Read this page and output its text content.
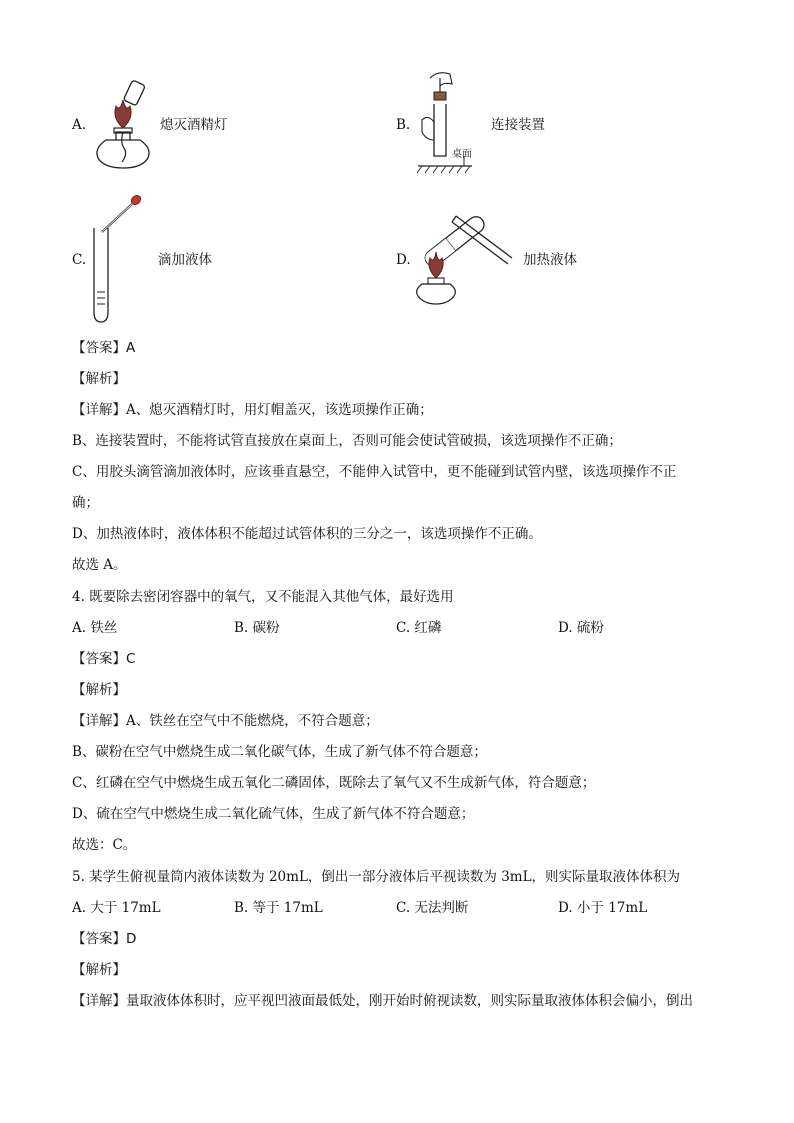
A.	熄灭酒精灯	B.
桌面
连接装置
C.	滴加液体	D.	加热液体
【答案】A
【解析】
【详解】A、熄灭酒精灯时，用灯帽盖灭，该选项操作正确；
B、连接装置时，不能将试管直接放在桌面上，否则可能会使试管破损，该选项操作不正确；
C、用胶头滴管滴加液体时，应该垂直悬空，不能伸入试管中，更不能碰到试管内壁，该选项操作不正
确；
D、加热液体时，液体体积不能超过试管体积的三分之一，该选项操作不正确。
故选 A。
4. 既要除去密闭容器中的氧气，又不能混入其他气体，最好选用
A. 铁丝	B. 碳粉	C. 红磷	D. 硫粉
【答案】C
【解析】
【详解】A、铁丝在空气中不能燃烧，不符合题意；
B、碳粉在空气中燃烧生成二氧化碳气体，生成了新气体不符合题意；
C、红磷在空气中燃烧生成五氧化二磷固体，既除去了氧气又不生成新气体，符合题意；
D、硫在空气中燃烧生成二氧化硫气体，生成了新气体不符合题意；
故选：C。
5. 某学生俯视量筒内液体读数为 20mL，倒出一部分液体后平视读数为 3mL，则实际量取液体体积为
A. 大于 17mL	B. 等于 17mL	C. 无法判断	D. 小于 17mL
【答案】D
【解析】
【详解】量取液体体积时，应平视凹液面最低处，刚开始时俯视读数，则实际量取液体体积会偏小，倒出
